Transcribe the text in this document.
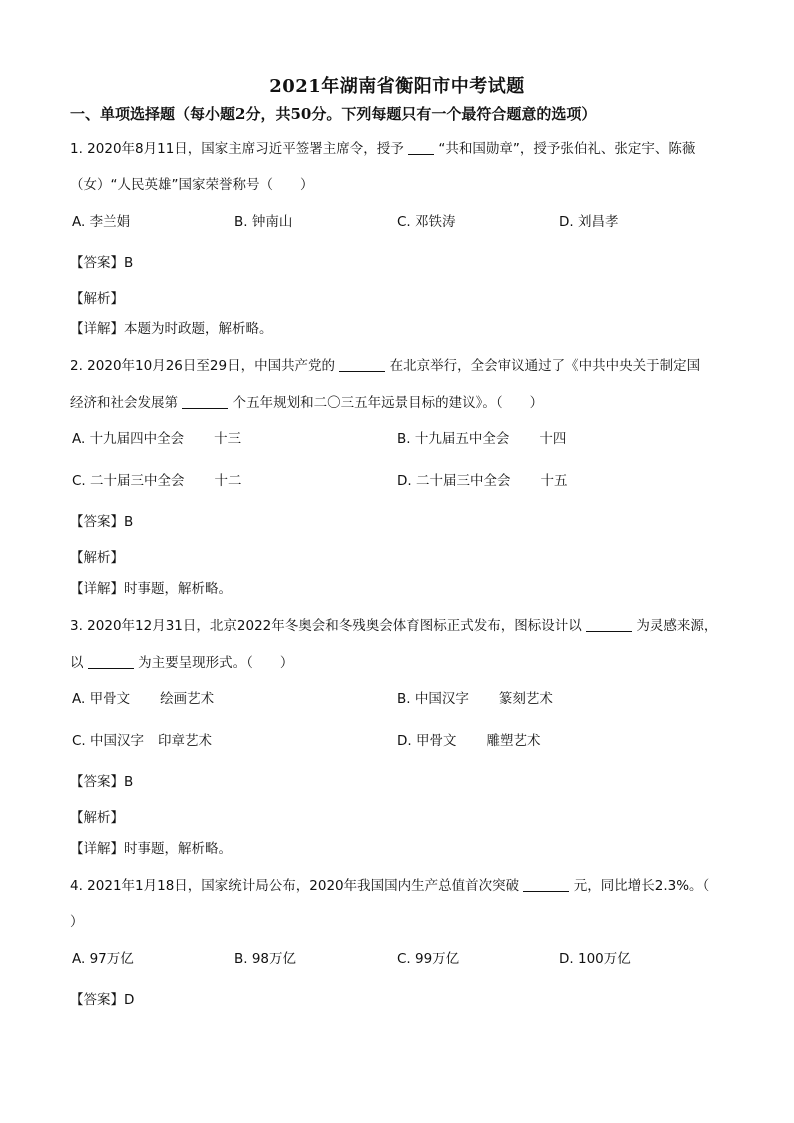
2021年湖南省衡阳市中考试题
一、单项选择题（每小题2分，共50分。下列每题只有一个最符合题意的选项）
1. 2020年8月11日，国家主席习近平签署主席令，授予	“共和国勋章”，授予张伯礼、张定宇、陈薇
（女）“人民英雄”国家荣誉称号（　　）
A. 李兰娟	B. 钟南山	C. 邓铁涛	D. 刘昌孝
【答案】B
【解析】
【详解】本题为时政题，解析略。
2. 2020年10月26日至29日，中国共产党的	在北京举行，全会审议通过了《中共中央关于制定国
经济和社会发展第	个五年规划和二〇三五年远景目标的建议》。（　　）
A. 十九届四中全会 十三	B. 十九届五中全会 十四
C. 二十届三中全会 十二	D. 二十届三中全会 十五
【答案】B
【解析】
【详解】时事题，解析略。
3. 2020年12月31日，北京2022年冬奥会和冬残奥会体育图标正式发布，图标设计以	为灵感来源，
以	为主要呈现形式。（　　）
A. 甲骨文 绘画艺术	B. 中国汉字 篆刻艺术
C. 中国汉字 印章艺术	D. 甲骨文 雕塑艺术
【答案】B
【解析】
【详解】时事题，解析略。
4. 2021年1月18日，国家统计局公布，2020年我国国内生产总值首次突破	元，同比增长2.3%。（
）
A. 97万亿	B. 98万亿	C. 99万亿	D. 100万亿
【答案】D
